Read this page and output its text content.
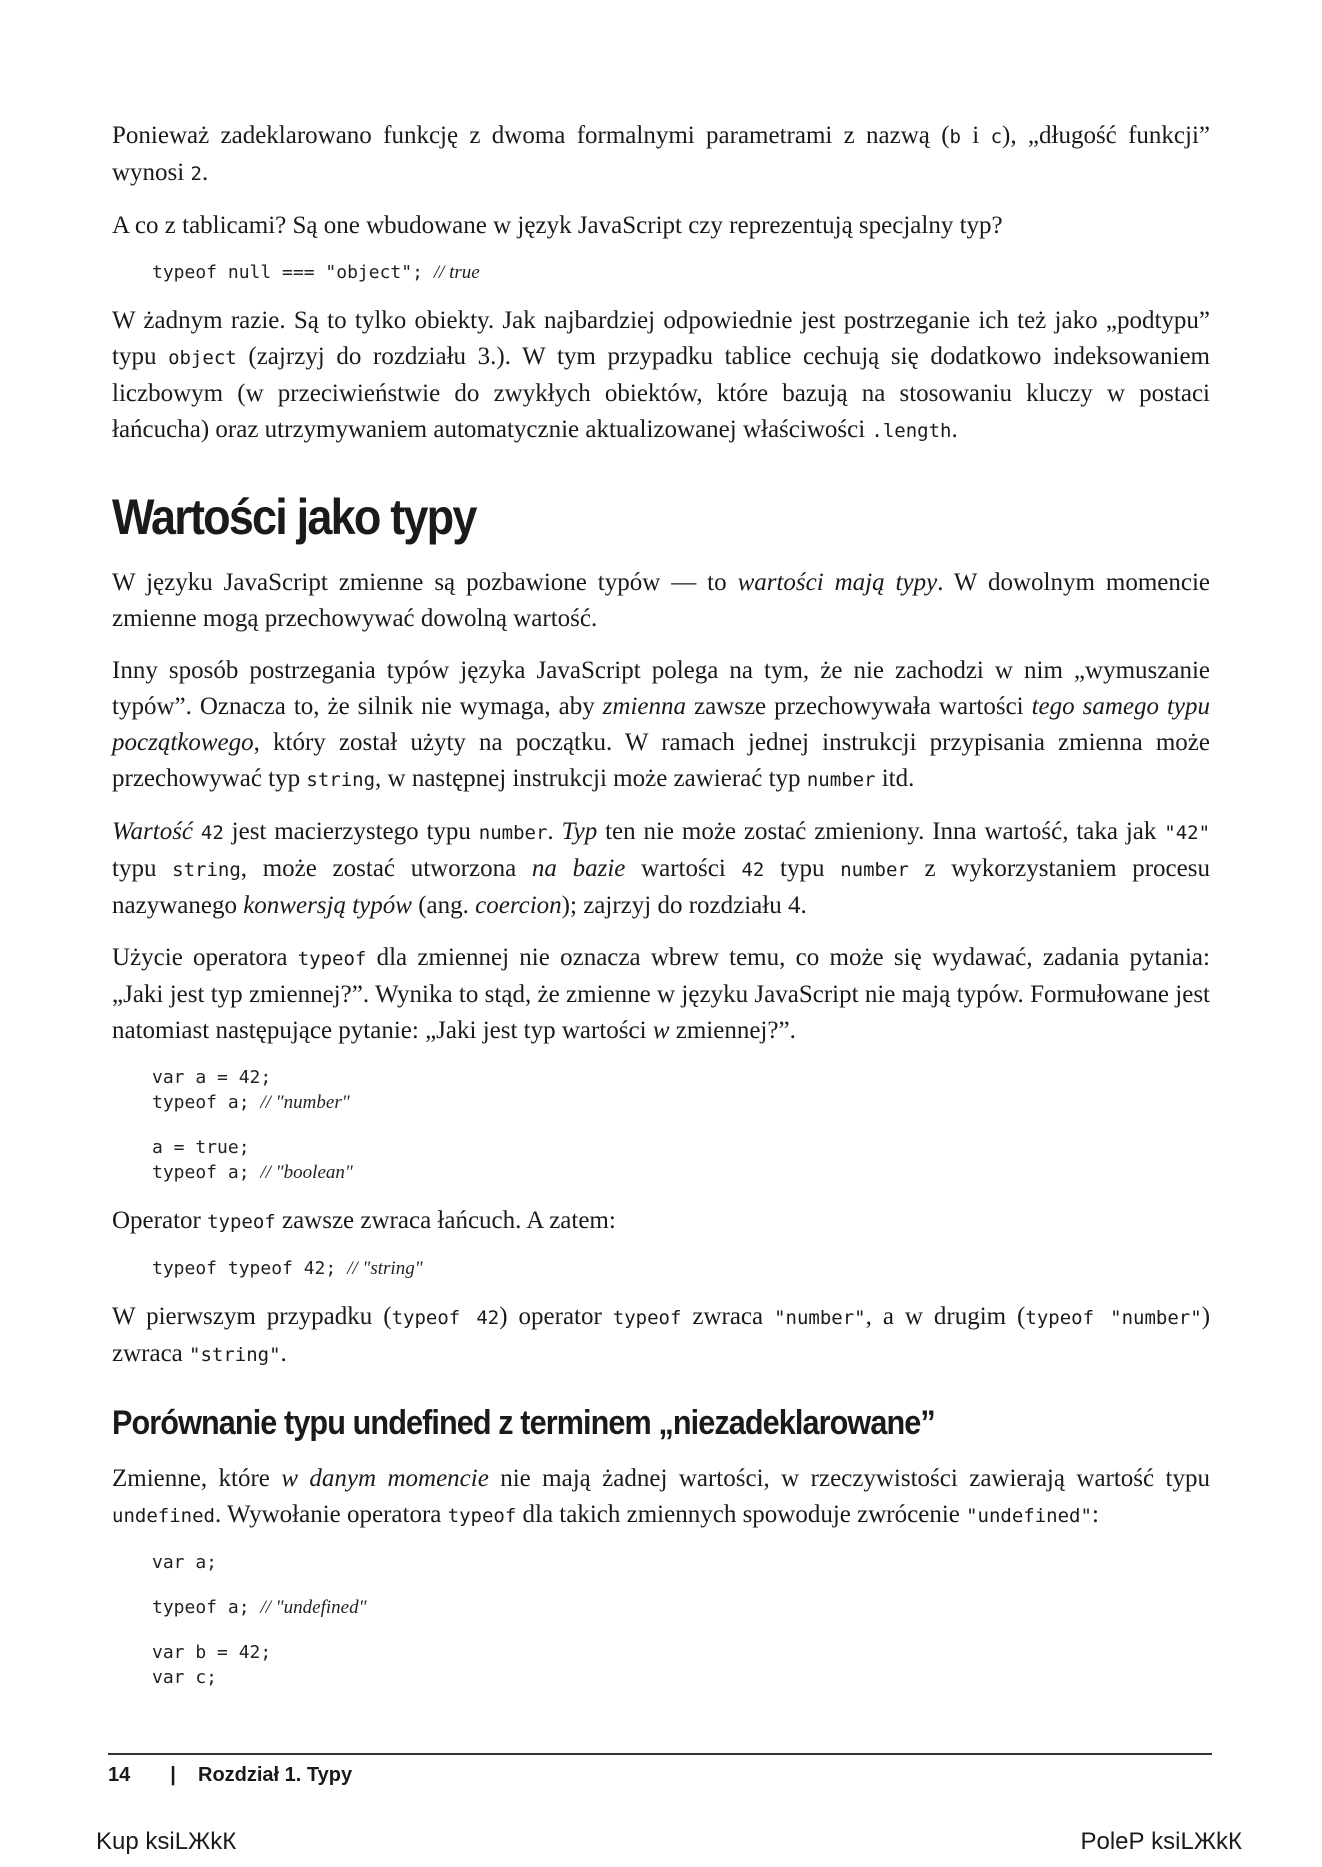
Ponieważ zadeklarowano funkcję z dwoma formalnymi parametrami z nazwą (b i c), „długość funkcji” wynosi 2.

A co z tablicami? Są one wbudowane w język JavaScript czy reprezentują specjalny typ?

typeof null === "object"; // true

W żadnym razie. Są to tylko obiekty. Jak najbardziej odpowiednie jest postrzeganie ich też jako „podtypu” typu object (zajrzyj do rozdziału 3.). W tym przypadku tablice cechują się dodatkowo indeksowaniem liczbowym (w przeciwieństwie do zwykłych obiektów, które bazują na stosowaniu kluczy w postaci łańcucha) oraz utrzymywaniem automatycznie aktualizowanej właściwości .length.

Wartości jako typy

W języku JavaScript zmienne są pozbawione typów — to wartości mają typy. W dowolnym momencie zmienne mogą przechowywać dowolną wartość.

Inny sposób postrzegania typów języka JavaScript polega na tym, że nie zachodzi w nim „wymuszanie typów”. Oznacza to, że silnik nie wymaga, aby zmienna zawsze przechowywała wartości tego samego typu początkowego, który został użyty na początku. W ramach jednej instrukcji przypisania zmienna może przechowywać typ string, w następnej instrukcji może zawierać typ number itd.

Wartość 42 jest macierzystego typu number. Typ ten nie może zostać zmieniony. Inna wartość, taka jak "42" typu string, może zostać utworzona na bazie wartości 42 typu number z wykorzystaniem procesu nazywanego konwersją typów (ang. coercion); zajrzyj do rozdziału 4.

Użycie operatora typeof dla zmiennej nie oznacza wbrew temu, co może się wydawać, zadania pytania: „Jaki jest typ zmiennej?”. Wynika to stąd, że zmienne w języku JavaScript nie mają typów. Formułowane jest natomiast następujące pytanie: „Jaki jest typ wartości w zmiennej?”.

var a = 42;
typeof a; // "number"
a = true;
typeof a; // "boolean"

Operator typeof zawsze zwraca łańcuch. A zatem:

typeof typeof 42; // "string"

W pierwszym przypadku (typeof 42) operator typeof zwraca "number", a w drugim (typeof "number") zwraca "string".

Porównanie typu undefined z terminem „niezadeklarowane”

Zmienne, które w danym momencie nie mają żadnej wartości, w rzeczywistości zawierają wartość typu undefined. Wywołanie operatora typeof dla takich zmiennych spowoduje zwrócenie "undefined":

var a;
typeof a; // "undefined"
var b = 42;
var c;
14	|	Rozdział 1. Typy
Kup ksiLЖkК	PoleР ksiLЖkК
